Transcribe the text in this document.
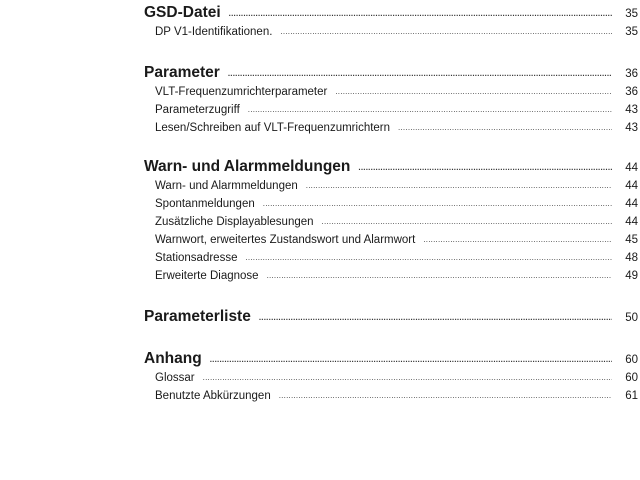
GSD-Datei . . .	35
DP V1-Identifikationen. . . .	35
Parameter . . .	36
VLT-Frequenzumrichterparameter . . .	36
Parameterzugriff . . .	43
Lesen/Schreiben auf VLT-Frequenzumrichtern . . .	43
Warn- und Alarmmeldungen . . .	44
Warn- und Alarmmeldungen . . .	44
Spontanmeldungen . . .	44
Zusätzliche Displayablesungen . . .	44
Warnwort, erweitertes Zustandswort und Alarmwort . . .	45
Stationsadresse . . .	48
Erweiterte Diagnose . . .	49
Parameterliste . . .	50
Anhang . . .	60
Glossar . . .	60
Benutzte Abkürzungen . . .	61
